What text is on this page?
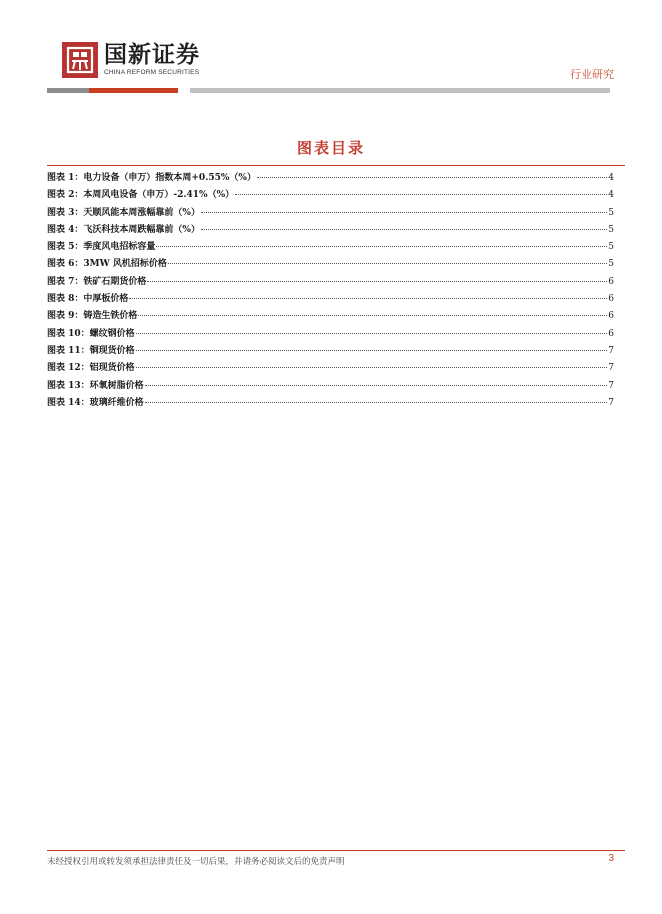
国新证券
CHINA REFORM SECURITIES	行业研究
图表目录
图表 1：电力设备（申万）指数本周+0.55%（%）	4
图表 2：本周风电设备（申万）-2.41%（%）	4
图表 3：天顺风能本周涨幅靠前（%）	5
图表 4：飞沃科技本周跌幅靠前（%）	5
图表 5：季度风电招标容量	5
图表 6：3MW 风机招标价格	5
图表 7：铁矿石期货价格	6
图表 8：中厚板价格	6
图表 9：铸造生铁价格	6
图表 10：螺纹钢价格	6
图表 11：铜现货价格	7
图表 12：铝现货价格	7
图表 13：环氧树脂价格	7
图表 14：玻璃纤维价格	7
未经授权引用或转发须承担法律责任及一切后果，并请务必阅读文后的免责声明	3
